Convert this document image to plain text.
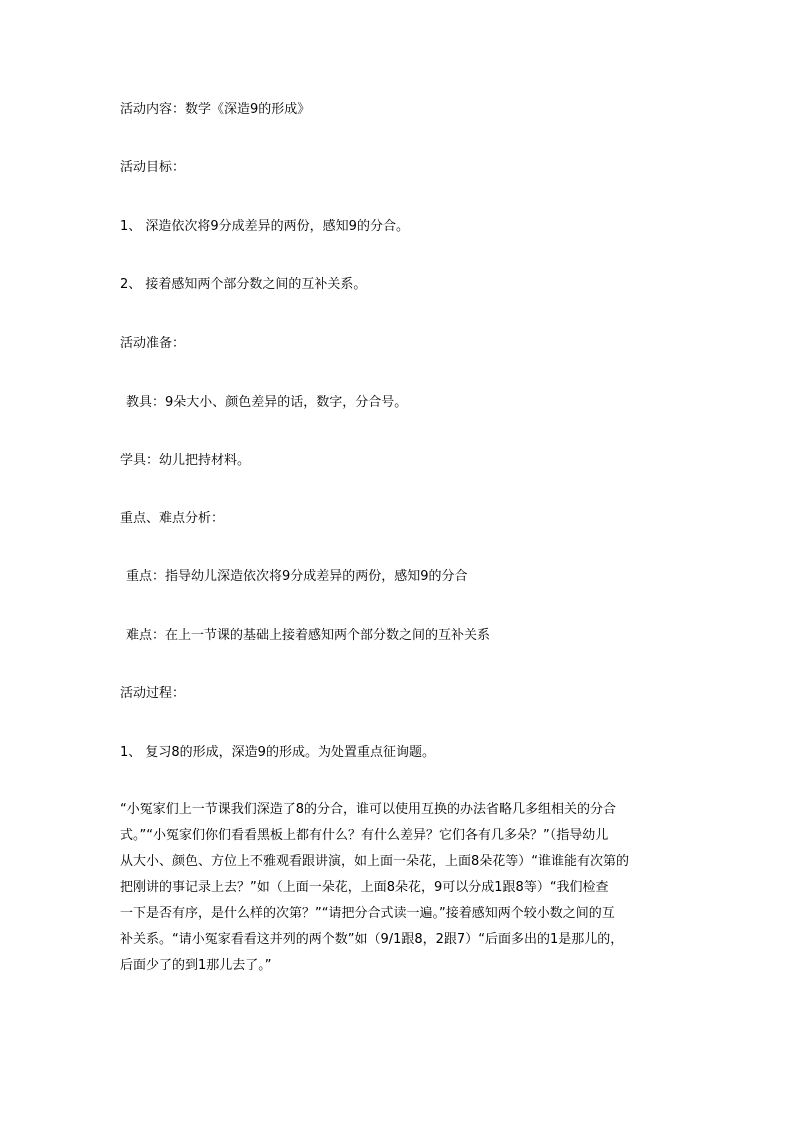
活动内容：数学《深造9的形成》
活动目标：
1、 深造依次将9分成差异的两份，感知9的分合。
2、 接着感知两个部分数之间的互补关系。
活动准备：
教具：9朵大小、颜色差异的话，数字，分合号。
学具：幼儿把持材料。
重点、难点分析：
重点：指导幼儿深造依次将9分成差异的两份，感知9的分合
难点：在上一节课的基础上接着感知两个部分数之间的互补关系
活动过程：
1、 复习8的形成，深造9的形成。为处置重点征询题。
“小冤家们上一节课我们深造了8的分合，谁可以使用互换的办法省略几多组相关的分合
式。”“小冤家们你们看看黑板上都有什么？有什么差异？它们各有几多朵？”（指导幼儿
从大小、颜色、方位上不雅观看跟讲演，如上面一朵花，上面8朵花等）“谁谁能有次第的
把刚讲的事记录上去？”如（上面一朵花，上面8朵花，9可以分成1跟8等）“我们检查
一下是否有序，是什么样的次第？”“请把分合式读一遍。”接着感知两个较小数之间的互
补关系。“请小冤家看看这并列的两个数”如（9/1跟8，2跟7）“后面多出的1是那儿的，
后面少了的到1那儿去了。”
